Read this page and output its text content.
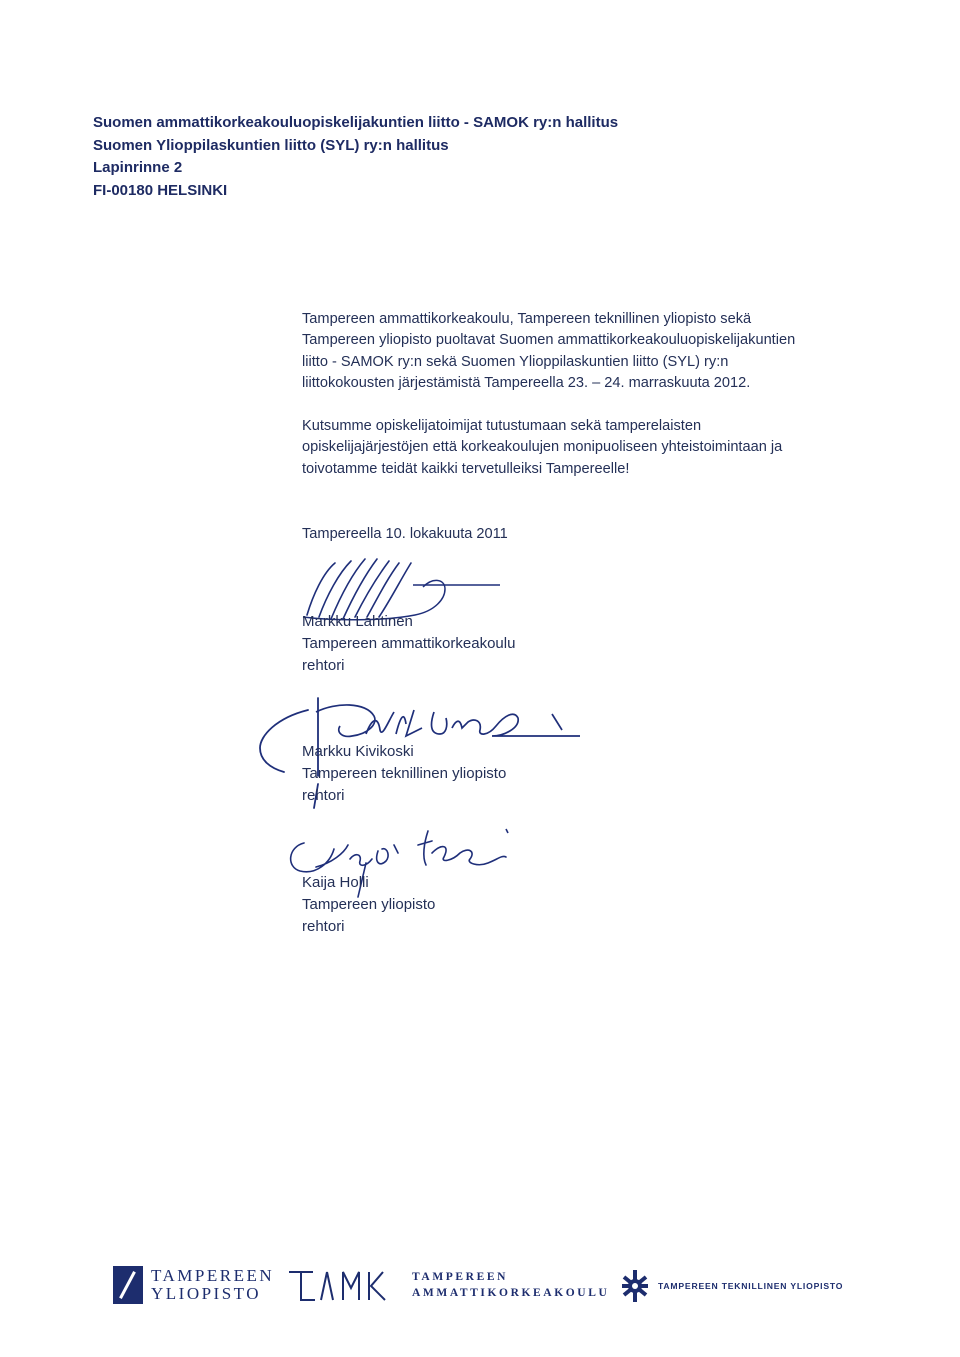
Suomen ammattikorkeakouluopiskelijakuntien liitto - SAMOK ry:n hallitus
Suomen Ylioppilaskuntien liitto (SYL) ry:n hallitus
Lapinrinne 2
FI-00180 HELSINKI
Tampereen ammattikorkeakoulu, Tampereen teknillinen yliopisto sekä
Tampereen yliopisto puoltavat Suomen ammattikorkeakouluopiskelijakuntien
liitto - SAMOK ry:n sekä Suomen Ylioppilaskuntien liitto (SYL) ry:n
liittokokousten järjestämistä Tampereella 23. – 24. marraskuuta 2012.
Kutsumme opiskelijatoimijat tutustumaan sekä tamperelaisten
opiskelijajärjestöjen että korkeakoulujen monipuoliseen yhteistoimintaan ja
toivotamme teidät kaikki tervetulleiksi Tampereelle!
Tampereella 10. lokakuuta 2011
Markku Lahtinen
Tampereen ammattikorkeakoulu
rehtori
Markku Kivikoski
Tampereen teknillinen yliopisto
rehtori
Kaija Holli
Tampereen yliopisto
rehtori
TAMPEREEN
YLIOPISTO
TAMK
TAMPEREEN
AMMATTIKORKEAKOULU
TAMPEREEN TEKNILLINEN YLIOPISTO
